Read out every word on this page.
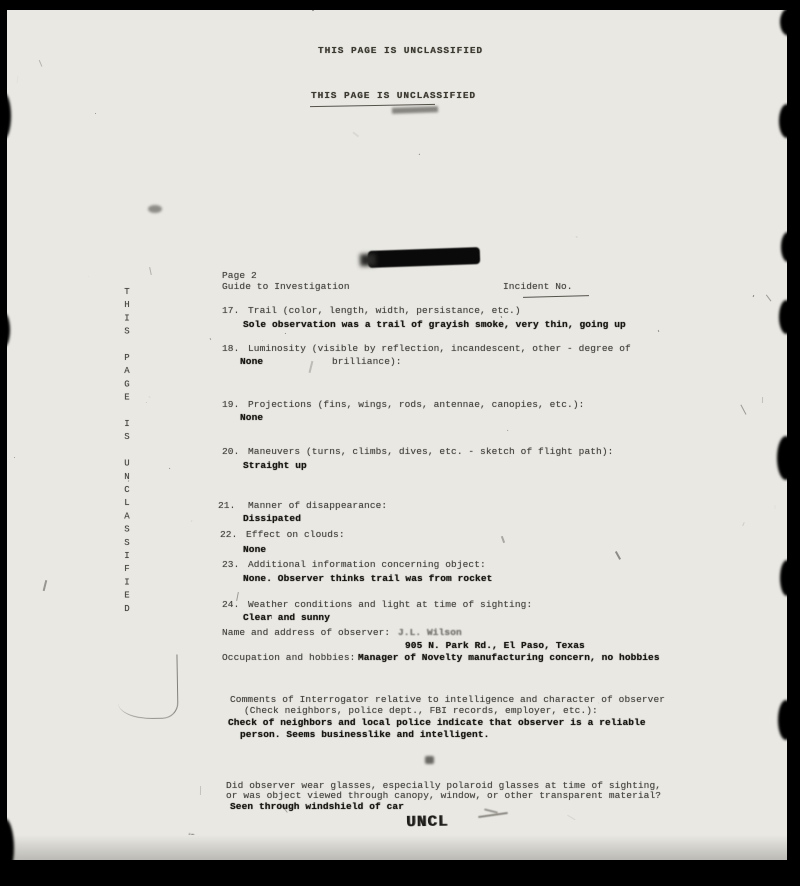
THIS PAGE IS UNCLASSIFIED
THIS PAGE IS UNCLASSIFIED
Page 2
Guide to Investigation	Incident No.
17. Trail (color, length, width, persistance, etc.)
Sole observation was a trail of grayish smoke, very thin, going up
18. Luminosity (visible by reflection, incandescent, other - degree of
None	brilliance):
19. Projections (fins, wings, rods, antennae, canopies, etc.):
None
20. Maneuvers (turns, climbs, dives, etc. - sketch of flight path):
Straight up
21. Manner of disappearance:
Dissipated
22. Effect on clouds:
None
23. Additional information concerning object:
None. Observer thinks trail was from rocket
24. Weather conditions and light at time of sighting:
Clear and sunny
Name and address of observer: J.L. Wilson
905 N. Park Rd., El Paso, Texas
Occupation and hobbies: Manager of Novelty manufacturing concern, no hobbies
Comments of Interrogator relative to intelligence and character of observer
(Check neighbors, police dept., FBI records, employer, etc.):
Check of neighbors and local police indicate that observer is a reliable
person. Seems businesslike and intelligent.
Did observer wear glasses, especially polaroid glasses at time of sighting,
or was object viewed through canopy, window, or other transparent material?
Seen through windshield of car
UNCL
THIS PAGE IS UNCLASSIFIED
